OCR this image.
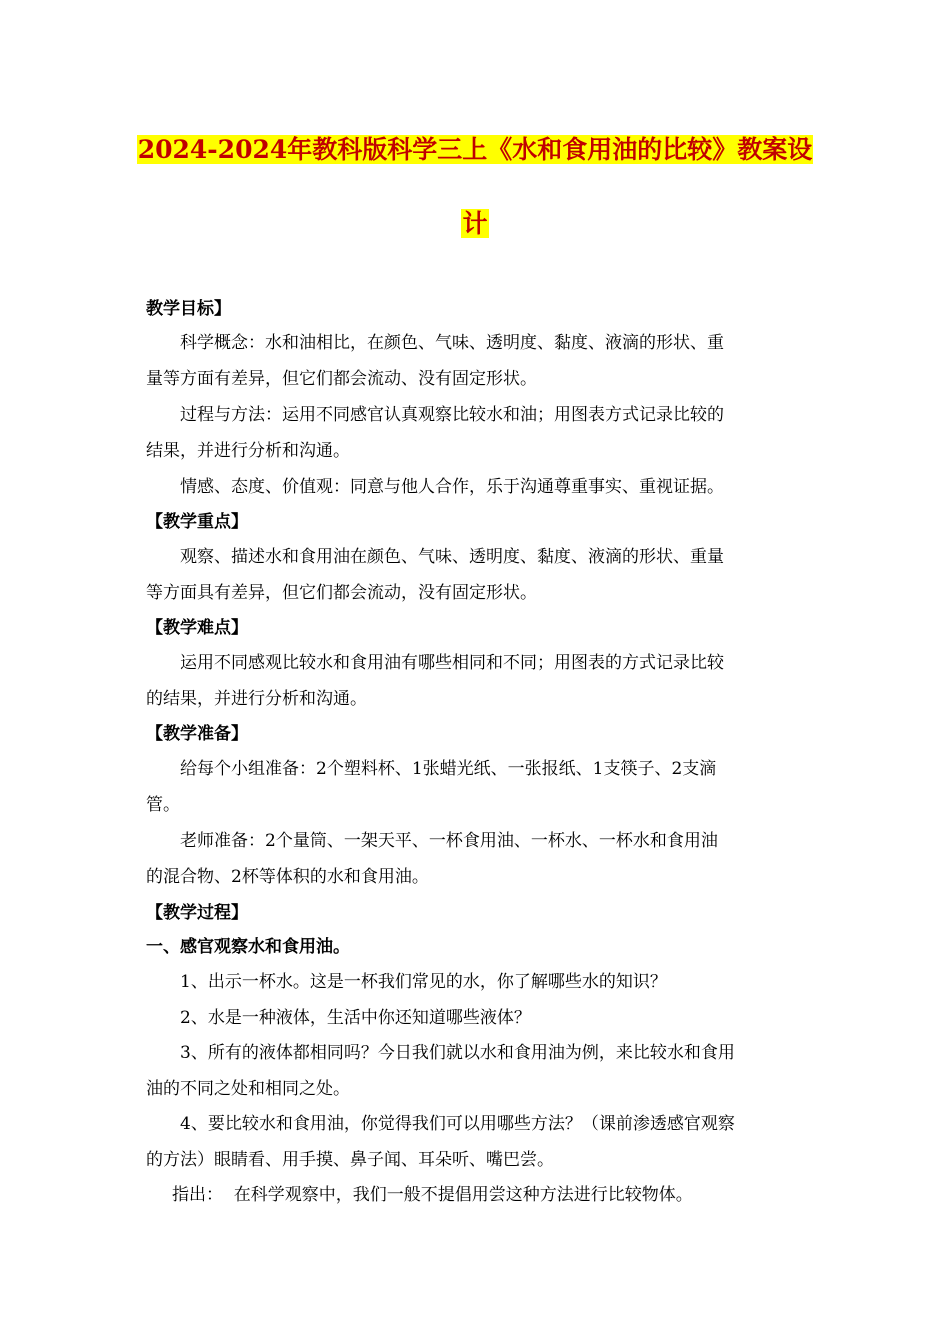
2024-2024年教科版科学三上《水和食用油的比较》教案设
计
教学目标】
科学概念：水和油相比，在颜色、气味、透明度、黏度、液滴的形状、重
量等方面有差异，但它们都会流动、没有固定形状。
过程与方法：运用不同感官认真观察比较水和油；用图表方式记录比较的
结果，并进行分析和沟通。
情感、态度、价值观：同意与他人合作，乐于沟通尊重事实、重视证据。
【教学重点】
观察、描述水和食用油在颜色、气味、透明度、黏度、液滴的形状、重量
等方面具有差异，但它们都会流动，没有固定形状。
【教学难点】
运用不同感观比较水和食用油有哪些相同和不同；用图表的方式记录比较
的结果，并进行分析和沟通。
【教学准备】
给每个小组准备：2个塑料杯、1张蜡光纸、一张报纸、1支筷子、2支滴
管。
老师准备：2个量筒、一架天平、一杯食用油、一杯水、一杯水和食用油
的混合物、2杯等体积的水和食用油。
【教学过程】
一、感官观察水和食用油。
1、出示一杯水。这是一杯我们常见的水，你了解哪些水的知识？
2、水是一种液体，生活中你还知道哪些液体？
3、所有的液体都相同吗？今日我们就以水和食用油为例，来比较水和食用
油的不同之处和相同之处。
4、要比较水和食用油，你觉得我们可以用哪些方法？（课前渗透感官观察
的方法）眼睛看、用手摸、鼻子闻、耳朵听、嘴巴尝。
指出：  在科学观察中，我们一般不提倡用尝这种方法进行比较物体。
